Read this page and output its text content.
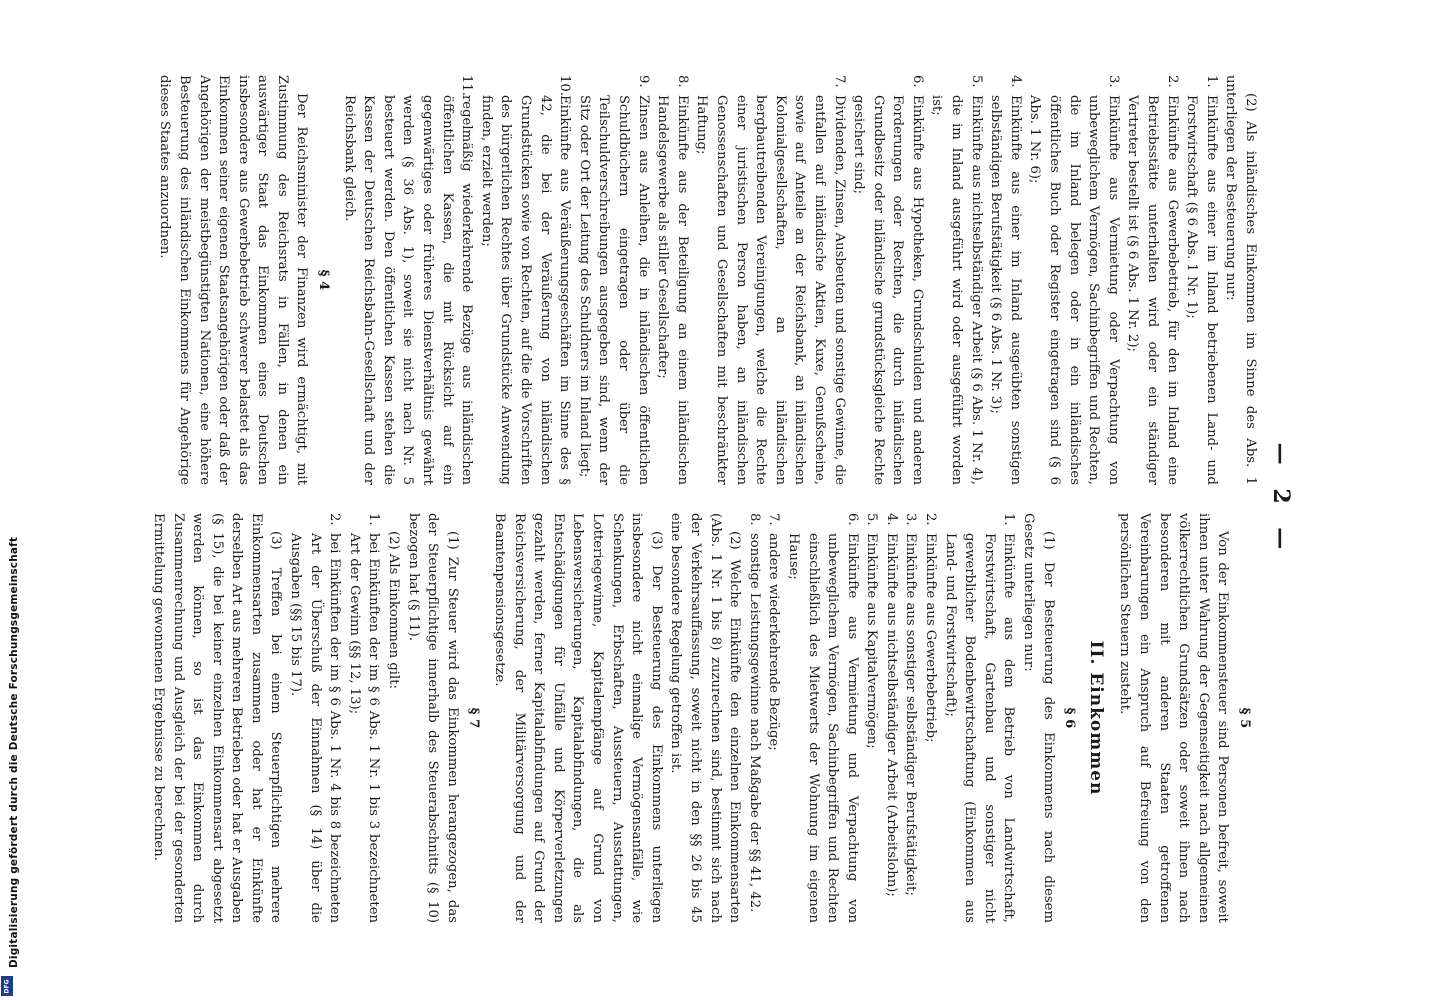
Digitalisierung gefördert durch die Deutsche Forschungsgemeinschaft
DFG
— 2 —

(2) Als inländisches Einkommen im Sinne des Abs. 1 unterliegen der Besteuerung nur:

1.
Einkünfte aus einer im Inland betriebenen Land- und Forstwirtschaft (§ 6 Abs. 1 Nr. 1);
2.
Einkünfte aus Gewerbebetrieb, für den im Inland eine Betriebsstätte unterhalten wird oder ein ständiger Vertreter bestellt ist (§ 6 Abs. 1 Nr. 2);
3.
Einkünfte aus Vermietung oder Verpachtung von unbeweglichem Vermögen, Sachinbegriffen und Rechten, die im Inland belegen oder in ein inländisches öffentliches Buch oder Register eingetragen sind (§ 6 Abs. 1 Nr. 6);
4.
Einkünfte aus einer im Inland ausgeübten sonstigen selbständigen Berufstätigkeit (§ 6 Abs. 1 Nr. 3);
5.
Einkünfte aus nichtselbständiger Arbeit (§ 6 Abs. 1 Nr. 4), die im Inland ausgeführt wird oder ausgeführt worden ist;
6.
Einkünfte aus Hypotheken, Grundschulden und anderen Forderungen oder Rechten, die durch inländischen Grundbesitz oder inländische grundstücksgleiche Rechte gesichert sind;
7.
Dividenden, Zinsen, Ausbeuten und sonstige Gewinne, die entfallen auf inländische Aktien, Kuxe, Genußscheine, sowie auf Anteile an der Reichsbank, an inländischen Kolonialgesellschaften, an inländischen bergbautreibenden Vereinigungen, welche die Rechte einer juristischen Person haben, an inländischen Genossenschaften und Gesellschaften mit beschränkter Haftung;
8.
Einkünfte aus der Beteiligung an einem inländischen Handelsgewerbe als stiller Gesellschafter;
9.
Zinsen aus Anleihen, die in inländischen öffentlichen Schuldbüchern eingetragen oder über die Teilschuldverschreibungen ausgegeben sind, wenn der Sitz oder Ort der Leitung des Schuldners im Inland liegt;
10.
Einkünfte aus Veräußerungsgeschäften im Sinne des § 42, die bei der Veräußerung von inländischen Grundstücken sowie von Rechten, auf die die Vorschriften des bürgerlichen Rechtes über Grundstücke Anwendung finden, erzielt werden;
11.
regelmäßig wiederkehrende Bezüge aus inländischen öffentlichen Kassen, die mit Rücksicht auf ein gegenwärtiges oder früheres Dienstverhältnis gewährt werden (§ 36 Abs. 1), soweit sie nicht nach Nr. 5 besteuert werden. Den öffentlichen Kassen stehen die Kassen der Deutschen Reichsbahn-Gesellschaft und der Reichsbank gleich.
§ 4

Der Reichsminister der Finanzen wird ermächtigt, mit Zustimmung des Reichsrats in Fällen, in denen ein auswärtiger Staat das Einkommen eines Deutschen insbesondere aus Gewerbebetrieb schwerer belastet als das Einkommen seiner eigenen Staatsangehörigen oder daß der Angehörigen der meistbegünstigten Nationen, eine höhere Besteuerung des inländischen Einkommens für Angehörige dieses Staates anzuordnen.

§ 5

Von der Einkommensteuer sind Personen befreit, soweit ihnen unter Wahrung der Gegenseitigkeit nach allgemeinen völkerrechtlichen Grundsätzen oder soweit ihnen nach besonderen mit anderen Staaten getroffenen Vereinbarungen ein Anspruch auf Befreiung von den persönlichen Steuern zusteht.

II. Einkommen
§ 6

(1) Der Besteuerung des Einkommens nach diesem Gesetz unterliegen nur:

1.
Einkünfte aus dem Betrieb von Landwirtschaft, Forstwirtschaft, Gartenbau und sonstiger nicht gewerblicher Bodenbewirtschaftung (Einkommen aus Land- und Forstwirtschaft);
2.
Einkünfte aus Gewerbebetrieb;
3.
Einkünfte aus sonstiger selbständiger Berufstätigkeit;
4.
Einkünfte aus nichtselbständiger Arbeit (Arbeitslohn);
5.
Einkünfte aus Kapitalvermögen;
6.
Einkünfte aus Vermietung und Verpachtung von unbeweglichem Vermögen, Sachinbegriffen und Rechten einschließlich des Mietwerts der Wohnung im eigenen Hause;
7.
andere wiederkehrende Bezüge;
8.
sonstige Leistungsgewinne nach Maßgabe der §§ 41, 42.

(2) Welche Einkünfte den einzelnen Einkommensarten (Abs. 1 Nr. 1 bis 8) zuzurechnen sind, bestimmt sich nach der Verkehrsauffassung, soweit nicht in den §§ 26 bis 45 eine besondere Regelung getroffen ist.

(3) Der Besteuerung des Einkommens unterliegen insbesondere nicht einmalige Vermögensanfälle, wie Schenkungen, Erbschaften, Aussteuern, Ausstattungen, Lotteriegewinne, Kapitalempfänge auf Grund von Lebensversicherungen, Kapitalabfindungen, die als Entschädigungen für Unfälle und Körperverletzungen gezahlt werden, ferner Kapitalabfindungen auf Grund der Reichsversicherung, der Militärversorgung und der Beamtenpensionsgesetze.

§ 7

(1) Zur Steuer wird das Einkommen herangezogen, das der Steuerpflichtige innerhalb des Steuerabschnitts (§ 10) bezogen hat (§ 11).

(2) Als Einkommen gilt:

1.
bei Einkünften der im § 6 Abs. 1 Nr. 1 bis 3 bezeichneten Art der Gewinn (§§ 12, 13);
2.
bei Einkünften der im § 6 Abs. 1 Nr. 4 bis 8 bezeichneten Art der Überschuß der Einnahmen (§ 14) über die Ausgaben (§§ 15 bis 17).

(3) Treffen bei einem Steuerpflichtigen mehrere Einkommensarten zusammen oder hat er Einkünfte derselben Art aus mehreren Betrieben oder hat er Ausgaben (§ 15), die bei keiner einzelnen Einkommensart abgesetzt werden können, so ist das Einkommen durch Zusammenrechnung und Ausgleich der bei der gesonderten Ermittelung gewonnenen Ergebnisse zu berechnen.
